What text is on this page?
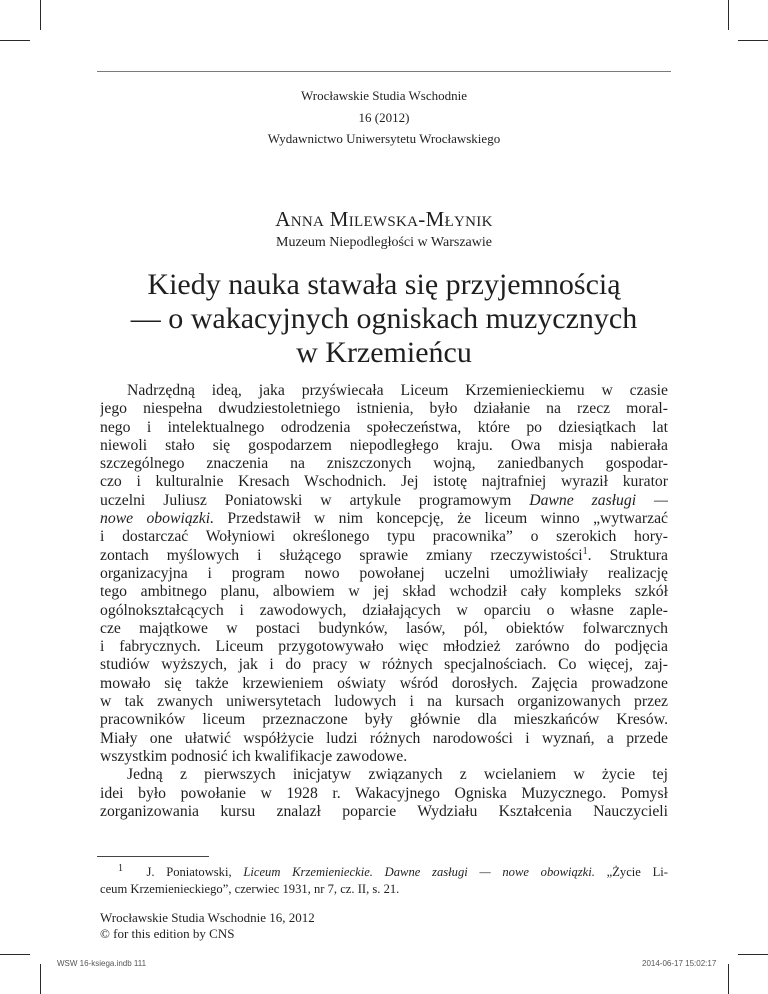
Wrocławskie Studia Wschodnie
16 (2012)
Wydawnictwo Uniwersytetu Wrocławskiego
Anna Milewska-Młynik
Muzeum Niepodległości w Warszawie
Kiedy nauka stawała się przyjemnością
— o wakacyjnych ogniskach muzycznych
w Krzemieńcu
Nadrzędną ideą, jaka przyświecała Liceum Krzemienieckiemu w czasie
jego niespełna dwudziestoletniego istnienia, było działanie na rzecz moral-
nego i intelektualnego odrodzenia społeczeństwa, które po dziesiątkach lat
niewoli stało się gospodarzem niepodległego kraju. Owa misja nabierała
szczególnego znaczenia na zniszczonych wojną, zaniedbanych gospodar-
czo i kulturalnie Kresach Wschodnich. Jej istotę najtrafniej wyraził kurator
uczelni Juliusz Poniatowski w artykule programowym Dawne zasługi —
nowe obowiązki. Przedstawił w nim koncepcję, że liceum winno „wytwarzać
i dostarczać Wołyniowi określonego typu pracownika” o szerokich hory-
zontach myślowych i służącego sprawie zmiany rzeczywistości$^1$. Struktura
organizacyjna i program nowo powołanej uczelni umożliwiały realizację
tego ambitnego planu, albowiem w jej skład wchodził cały kompleks szkół
ogólnokształcących i zawodowych, działających w oparciu o własne zaple-
cze majątkowe w postaci budynków, lasów, pól, obiektów folwarcznych
i fabrycznych. Liceum przygotowywało więc młodzież zarówno do podjęcia
studiów wyższych, jak i do pracy w różnych specjalnościach. Co więcej, zaj-
mowało się także krzewieniem oświaty wśród dorosłych. Zajęcia prowadzone
w tak zwanych uniwersytetach ludowych i na kursach organizowanych przez
pracowników liceum przeznaczone były głównie dla mieszkańców Kresów.
Miały one ułatwić współżycie ludzi różnych narodowości i wyznań, a przede
wszystkim podnosić ich kwalifikacje zawodowe.
Jedną z pierwszych inicjatyw związanych z wcielaniem w życie tej
idei było powołanie w 1928 r. Wakacyjnego Ogniska Muzycznego. Pomysł
zorganizowania kursu znalazł poparcie Wydziału Kształcenia Nauczycieli
$^1$ J. Poniatowski, Liceum Krzemienieckie. Dawne zasługi — nowe obowiązki. „Życie Li-
ceum Krzemienieckiego”, czerwiec 1931, nr 7, cz. II, s. 21.
Wrocławskie Studia Wschodnie 16, 2012
© for this edition by CNS
WSW 16-ksiega.indb 111	2014-06-17 15:02:17
